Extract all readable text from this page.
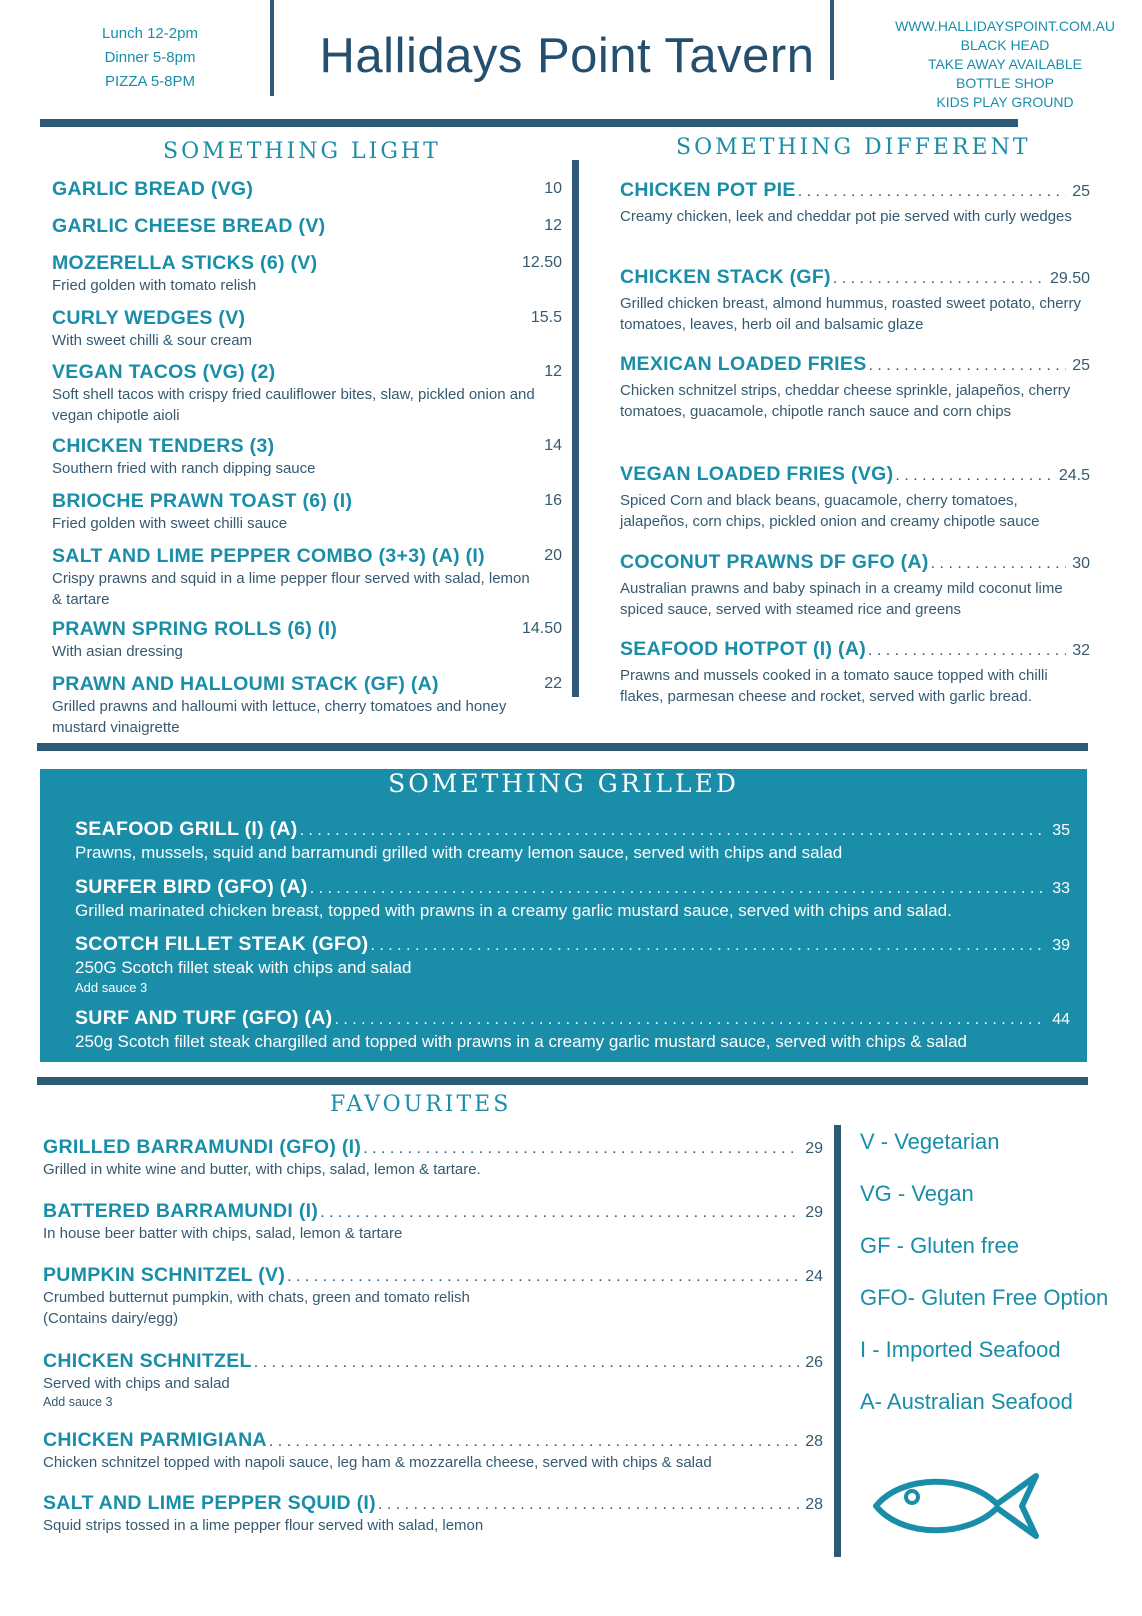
Lunch 12-2pm
Dinner 5-8pm
PIZZA 5-8PM	Hallidays Point Tavern
WWW.HALLIDAYSPOINT.COM.AU
BLACK HEAD
TAKE AWAY AVAILABLE
BOTTLE SHOP
KIDS PLAY GROUND
SOMETHING LIGHT
GARLIC BREAD (VG)	10
GARLIC CHEESE BREAD (V)	12
MOZERELLA STICKS (6) (V)	12.50
Fried golden with tomato relish
CURLY WEDGES (V)	15.5
With sweet chilli & sour cream
VEGAN TACOS (VG) (2)	12
Soft shell tacos with crispy fried cauliflower bites, slaw, pickled onion and vegan chipotle aioli
CHICKEN TENDERS (3)	14
Southern fried with ranch dipping sauce
BRIOCHE PRAWN TOAST (6) (I)	16
Fried golden with sweet chilli sauce
SALT AND LIME PEPPER COMBO (3+3) (A) (I)	20
Crispy prawns and squid in a lime pepper flour served with salad, lemon & tartare
PRAWN SPRING ROLLS (6) (I)	14.50
With asian dressing
PRAWN AND HALLOUMI STACK (GF) (A)	22
Grilled prawns and halloumi with lettuce, cherry tomatoes and honey mustard vinaigrette
SOMETHING DIFFERENT
CHICKEN POT PIE . . .	25
Creamy chicken, leek and cheddar pot pie served with curly wedges
CHICKEN STACK (GF) . . .	29.50
Grilled chicken breast, almond hummus, roasted sweet potato, cherry tomatoes, leaves, herb oil and balsamic glaze
MEXICAN LOADED FRIES . . .	25
Chicken schnitzel strips, cheddar cheese sprinkle, jalapeños, cherry tomatoes, guacamole, chipotle ranch sauce and corn chips
VEGAN LOADED FRIES (VG) . . .	24.5
Spiced Corn and black beans, guacamole, cherry tomatoes, jalapeños, corn chips, pickled onion and creamy chipotle sauce
COCONUT PRAWNS DF GFO (A) . . .	30
Australian prawns and baby spinach in a creamy mild coconut lime spiced sauce, served with steamed rice and greens
SEAFOOD HOTPOT (I) (A) . . .	32
Prawns and mussels cooked in a tomato sauce topped with chilli flakes, parmesan cheese and rocket, served with garlic bread.
SOMETHING GRILLED
SEAFOOD GRILL (I) (A) . . .	35
Prawns, mussels, squid and barramundi grilled with creamy lemon sauce, served with chips and salad
SURFER BIRD (GFO) (A) . . .	33
Grilled marinated chicken breast, topped with prawns in a creamy garlic mustard sauce, served with chips and salad.
SCOTCH FILLET STEAK (GFO) . . .	39
250G Scotch fillet steak with chips and salad
Add sauce 3
SURF AND TURF (GFO) (A) . . .	44
250g Scotch fillet steak chargilled and topped with prawns in a creamy garlic mustard sauce, served with chips & salad
FAVOURITES
GRILLED BARRAMUNDI (GFO) (I) . . .	29
Grilled in white wine and butter, with chips, salad, lemon & tartare.
BATTERED BARRAMUNDI (I) . . .	29
In house beer batter with chips, salad, lemon & tartare
PUMPKIN SCHNITZEL (V) . . .	24
Crumbed butternut pumpkin, with chats, green and tomato relish
(Contains dairy/egg)
CHICKEN SCHNITZEL . . .	26
Served with chips and salad
Add sauce 3
CHICKEN PARMIGIANA . . .	28
Chicken schnitzel topped with napoli sauce, leg ham & mozzarella cheese, served with chips & salad
SALT AND LIME PEPPER SQUID (I) . . .	28
Squid strips tossed in a lime pepper flour served with salad, lemon
V - Vegetarian
VG - Vegan
GF - Gluten free
GFO- Gluten Free Option
I - Imported Seafood
A- Australian Seafood
